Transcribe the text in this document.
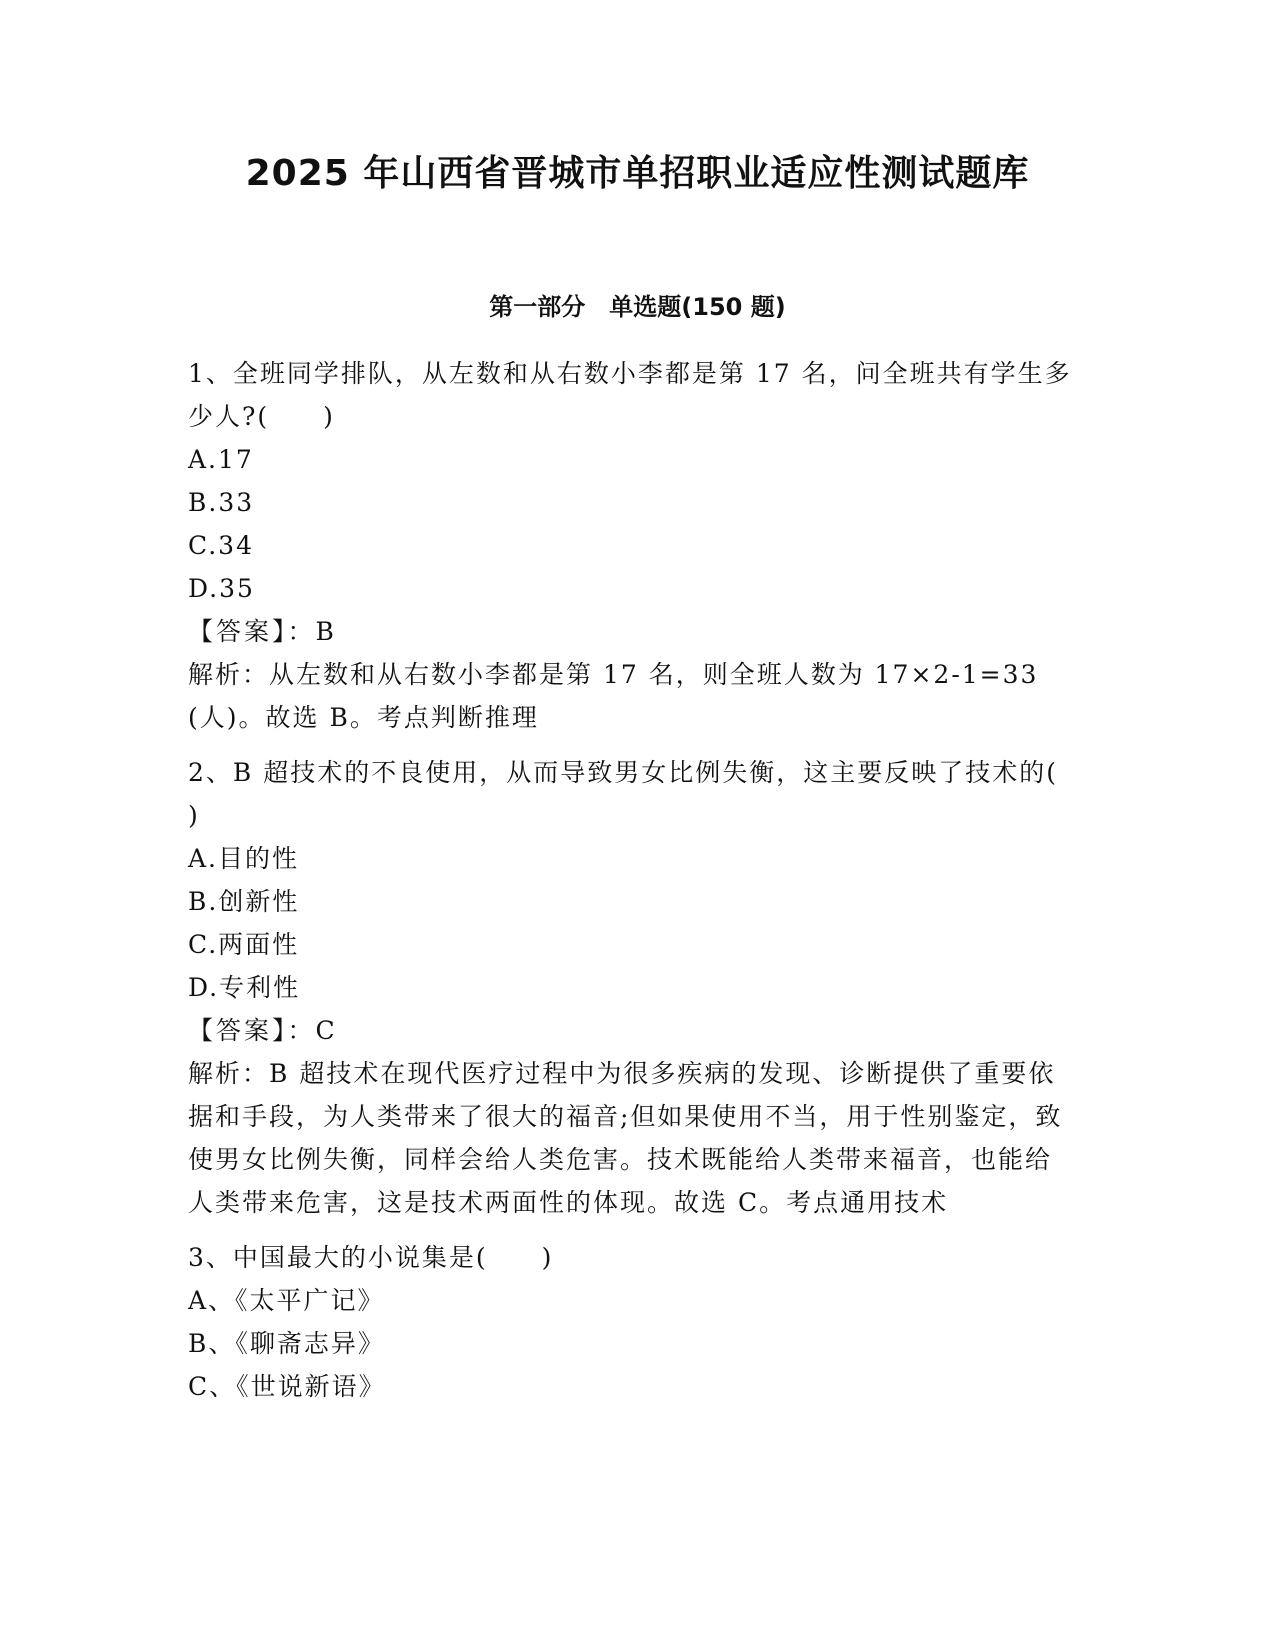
2025 年山西省晋城市单招职业适应性测试题库
第一部分　单选题(150 题)

1、全班同学排队，从左数和从右数小李都是第 17 名，问全班共有学生多少人?(　　)

A.17

B.33

C.34

D.35

【答案】：B

解析：从左数和从右数小李都是第 17 名，则全班人数为 17×2-1=33(人)。故选 B。考点判断推理

2、B 超技术的不良使用，从而导致男女比例失衡，这主要反映了技术的(　　)

A.目的性

B.创新性

C.两面性

D.专利性

【答案】：C

解析：B 超技术在现代医疗过程中为很多疾病的发现、诊断提供了重要依据和手段，为人类带来了很大的福音;但如果使用不当，用于性别鉴定，致使男女比例失衡，同样会给人类危害。技术既能给人类带来福音，也能给人类带来危害，这是技术两面性的体现。故选 C。考点通用技术

3、中国最大的小说集是(　　)

A、《太平广记》

B、《聊斋志异》

C、《世说新语》
